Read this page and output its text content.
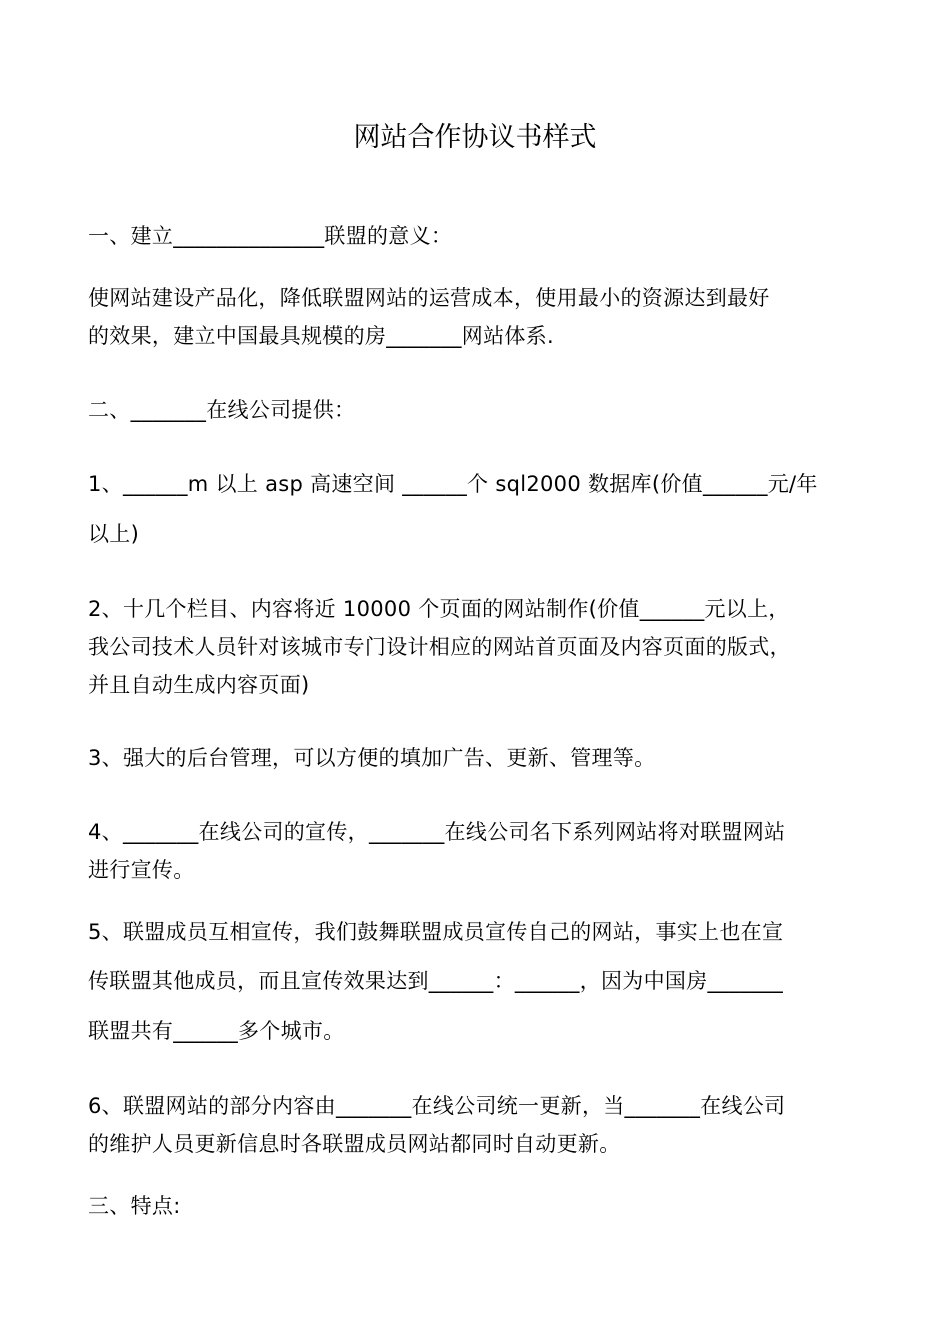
网站合作协议书样式
一、建立______________联盟的意义：
使网站建设产品化，降低联盟网站的运营成本，使用最小的资源达到最好
的效果，建立中国最具规模的房_______网站体系.
二、_______在线公司提供：
1、______m 以上 asp 高速空间 ______个 sql2000 数据库(价值______元/年
以上)
2、十几个栏目、内容将近 10000 个页面的网站制作(价值______元以上，
我公司技术人员针对该城市专门设计相应的网站首页面及内容页面的版式，
并且自动生成内容页面)
3、强大的后台管理，可以方便的填加广告、更新、管理等。
4、_______在线公司的宣传，_______在线公司名下系列网站将对联盟网站
进行宣传。
5、联盟成员互相宣传，我们鼓舞联盟成员宣传自己的网站，事实上也在宣
传联盟其他成员，而且宣传效果达到______：______，因为中国房_______
联盟共有______多个城市。
6、联盟网站的部分内容由_______在线公司统一更新，当_______在线公司
的维护人员更新信息时各联盟成员网站都同时自动更新。
三、特点:
